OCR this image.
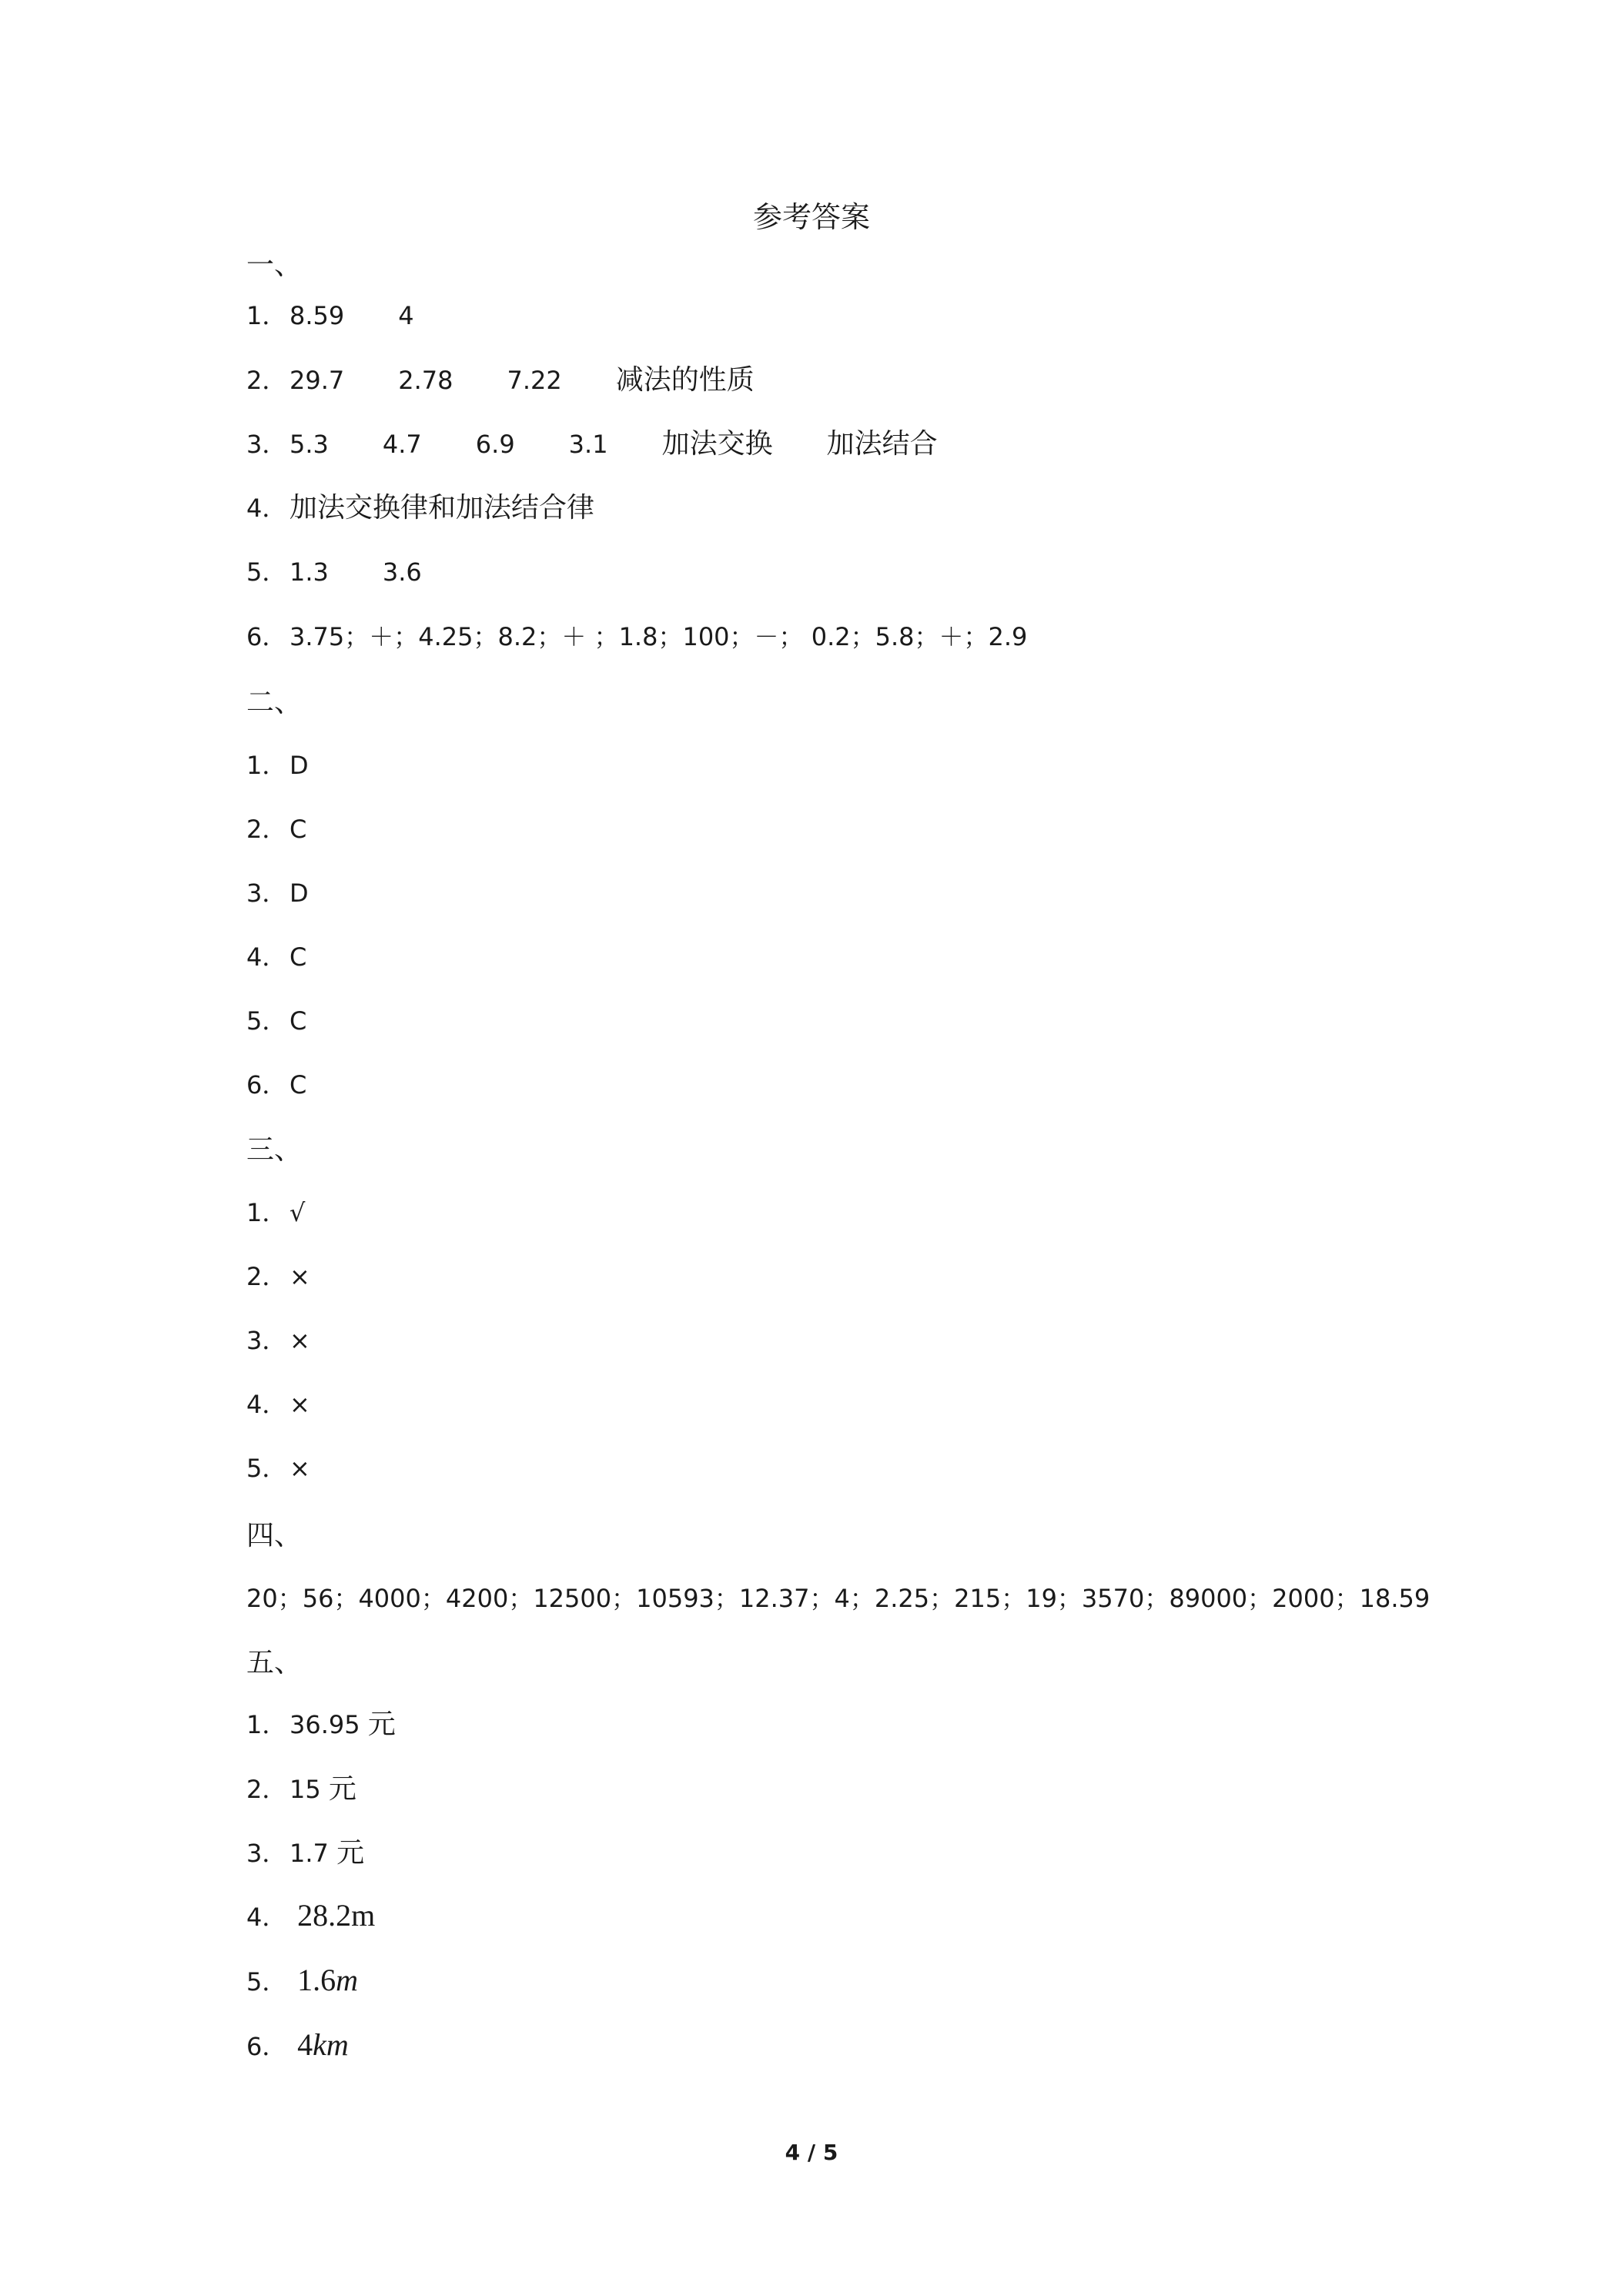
参考答案
一、
1． 8.59 4
2． 29.7 2.78 7.22 减法的性质
3． 5.3 4.7 6.9 3.1 加法交换 加法结合
4． 加法交换律和加法结合律
5． 1.3 3.6
6． 3.75；＋；4.25；8.2；＋ ；1.8；100；－； 0.2；5.8；＋；2.9
二、
1． D
2． C
3． D
4． C
5． C
6． C
三、
1． √
2． ×
3． ×
4． ×
5． ×
四、
20；56；4000；4200；12500；10593；12.37；4；2.25；215；19；3570；89000；2000；18.59
五、
1． 36.95 元
2． 15 元
3． 1.7 元
4． 28.2m
5． 1.6m
6． 4km
4 / 5
